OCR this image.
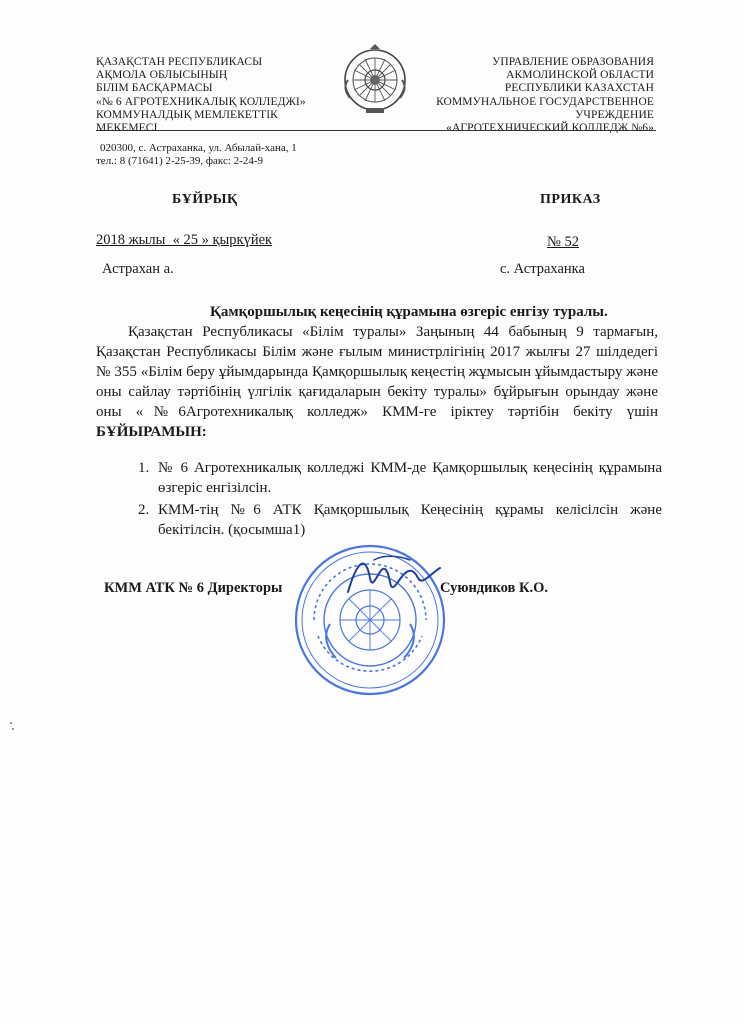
ҚАЗАҚСТАН РЕСПУБЛИКАСЫ
АҚМОЛА ОБЛЫСЫНЫҢ
БІЛІМ БАСҚАРМАСЫ
«№ 6 АГРОТЕХНИКАЛЫҚ КОЛЛЕДЖІ»
КОММУНАЛДЫҚ МЕМЛЕКЕТТІК
МЕКЕМЕСІ
УПРАВЛЕНИЕ ОБРАЗОВАНИЯ
АКМОЛИНСКОЙ ОБЛАСТИ
РЕСПУБЛИКИ КАЗАХСТАН
КОММУНАЛЬНОЕ ГОСУДАРСТВЕННОЕ
УЧРЕЖДЕНИЕ
«АГРОТЕХНИЧЕСКИЙ КОЛЛЕДЖ №6»
020300, с. Астраханка, ул. Абылай-хана, 1
тел.: 8 (71641) 2-25-39, факс: 2-24-9
БҰЙРЫҚ	ПРИКАЗ
2018 жылы  « 25 » қыркүйек	№ 52
Астрахан а.	с. Астраханка
Қамқоршылық кеңесінің құрамына өзгеріс енгізу туралы.
Қазақстан Республикасы «Білім туралы» Заңының 44 бабының 9 тармағын, Қазақстан Республикасы Білім және ғылым министрлігінің 2017 жылғы 27 шілдедегі № 355 «Білім беру ұйымдарында Қамқоршылық кеңестің жұмысын ұйымдастыру және оны сайлау тәртібінің үлгілік қағидаларын бекіту туралы» бұйрығын орындау және оны «№6Агротехникалық колледж» КММ-ге іріктеу тәртібін бекіту үшін БҰЙЫРАМЫН:
1. № 6 Агротехникалық колледжі КММ-де Қамқоршылық кеңесінің құрамына өзгеріс енгізілсін.
2. КММ-тің №6 АТК Қамқоршылық Кеңесінің құрамы келісілсін және бекітілсін. (қосымша1)
КММ АТК № 6 Директоры	Суюндиков К.О.
